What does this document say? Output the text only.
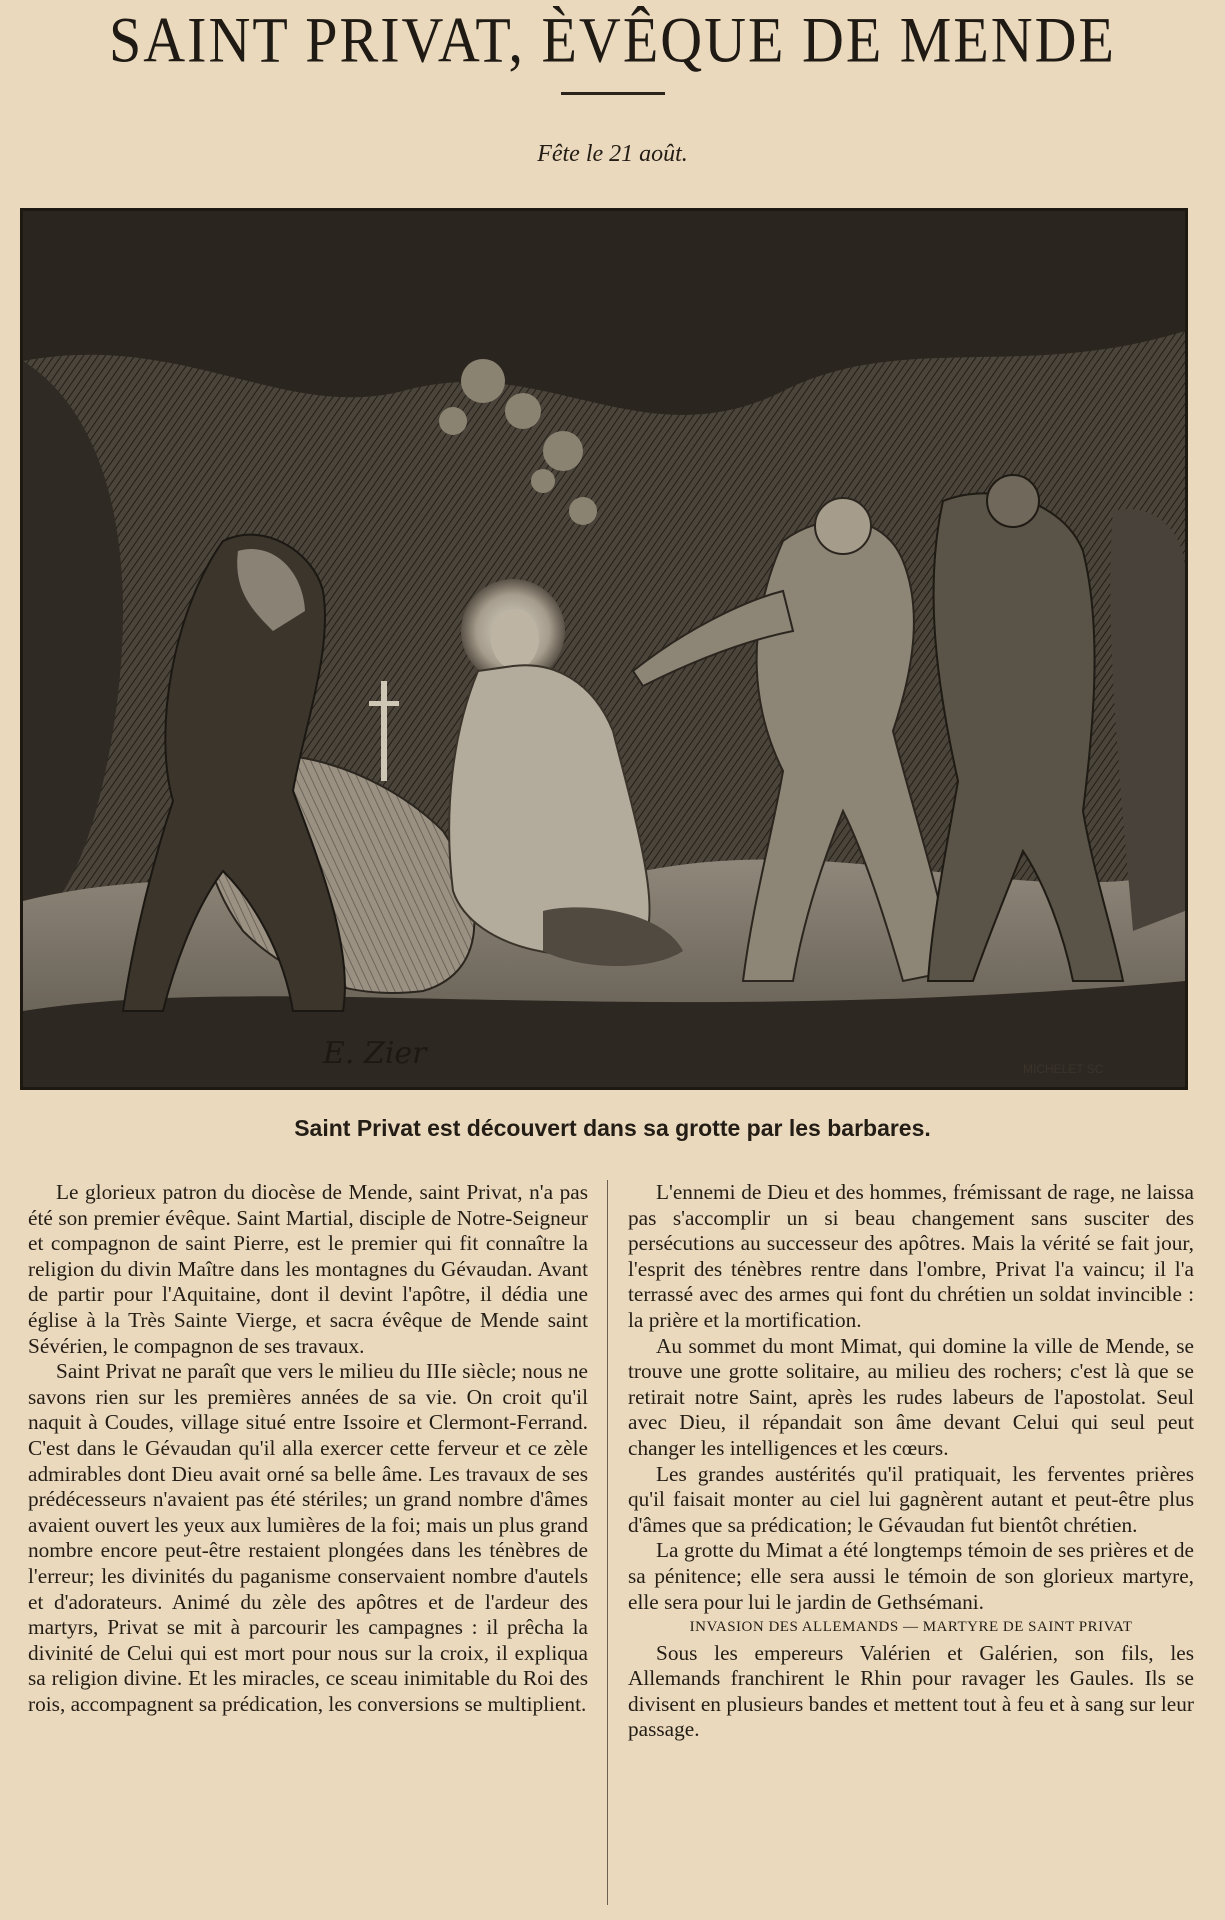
SAINT PRIVAT, ÈVÊQUE DE MENDE
Fête le 21 août.
E. Zier	MICHELET SC
Saint Privat est découvert dans sa grotte par les barbares.

Le glorieux patron du diocèse de Mende, saint Privat, n'a pas été son premier évêque. Saint Martial, disciple de Notre-Seigneur et compagnon de saint Pierre, est le premier qui fit connaître la religion du divin Maître dans les montagnes du Gévaudan. Avant de partir pour l'Aquitaine, dont il devint l'apôtre, il dédia une église à la Très Sainte Vierge, et sacra évêque de Mende saint Sévérien, le compagnon de ses travaux.

Saint Privat ne paraît que vers le milieu du IIIe siècle; nous ne savons rien sur les premières années de sa vie. On croit qu'il naquit à Coudes, village situé entre Issoire et Clermont-Ferrand. C'est dans le Gévaudan qu'il alla exercer cette ferveur et ce zèle admirables dont Dieu avait orné sa belle âme. Les travaux de ses prédécesseurs n'avaient pas été stériles; un grand nombre d'âmes avaient ouvert les yeux aux lumières de la foi; mais un plus grand nombre encore peut-être restaient plongées dans les ténèbres de l'erreur; les divinités du paganisme conservaient nombre d'autels et d'adorateurs. Animé du zèle des apôtres et de l'ardeur des martyrs, Privat se mit à parcourir les campagnes : il prêcha la divinité de Celui qui est mort pour nous sur la croix, il expliqua sa religion divine. Et les miracles, ce sceau inimitable du Roi des rois, accompagnent sa prédication, les conversions se multiplient.

L'ennemi de Dieu et des hommes, frémissant de rage, ne laissa pas s'accomplir un si beau changement sans susciter des persécutions au successeur des apôtres. Mais la vérité se fait jour, l'esprit des ténèbres rentre dans l'ombre, Privat l'a vaincu; il l'a terrassé avec des armes qui font du chrétien un soldat invincible : la prière et la mortification.

Au sommet du mont Mimat, qui domine la ville de Mende, se trouve une grotte solitaire, au milieu des rochers; c'est là que se retirait notre Saint, après les rudes labeurs de l'apostolat. Seul avec Dieu, il répandait son âme devant Celui qui seul peut changer les intelligences et les cœurs.

Les grandes austérités qu'il pratiquait, les ferventes prières qu'il faisait monter au ciel lui gagnèrent autant et peut-être plus d'âmes que sa prédication; le Gévaudan fut bientôt chrétien.

La grotte du Mimat a été longtemps témoin de ses prières et de sa pénitence; elle sera aussi le témoin de son glorieux martyre, elle sera pour lui le jardin de Gethsémani.

INVASION DES ALLEMANDS — MARTYRE DE SAINT PRIVAT

Sous les empereurs Valérien et Galérien, son fils, les Allemands franchirent le Rhin pour ravager les Gaules. Ils se divisent en plusieurs bandes et mettent tout à feu et à sang sur leur passage.
